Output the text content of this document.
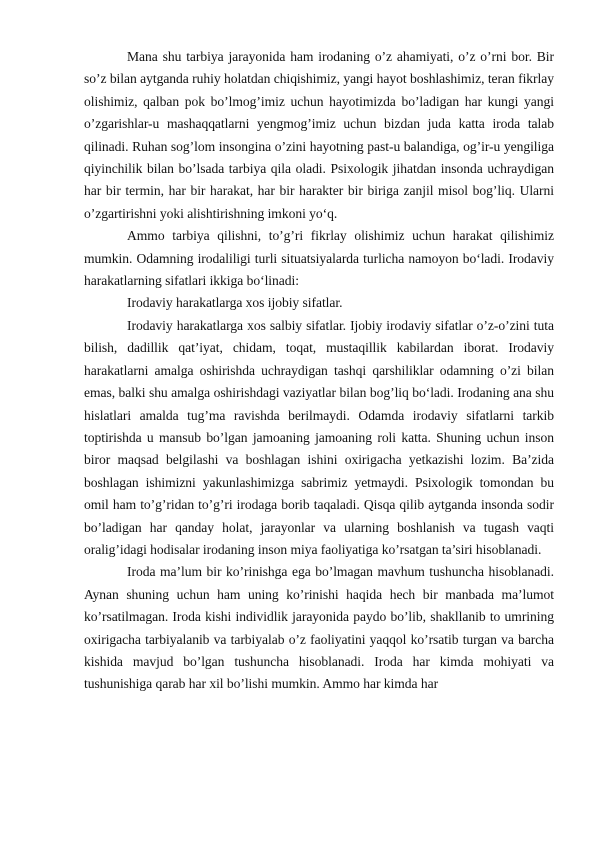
Mana shu tarbiya jarayonida ham irodaning o’z ahamiyati, o’z o’rni bor. Bir so’z bilan aytganda ruhiy holatdan chiqishimiz, yangi hayot boshlashimiz, teran fikrlay olishimiz, qalban pok bo’lmog’imiz uchun hayotimizda bo’ladigan har kungi yangi o’zgarishlar-u mashaqqatlarni yengmog’imiz uchun bizdan juda katta iroda talab qilinadi. Ruhan sog’lom insongina o’zini hayotning past-u balandiga, og’ir-u yengiliga qiyinchilik bilan bo’lsada tarbiya qila oladi. Psixologik jihatdan insonda uchraydigan har bir termin, har bir harakat, har bir harakter bir biriga zanjil misol bog’liq. Ularni o’zgartirishni yoki alishtirishning imkoni yo‘q.

Ammo tarbiya qilishni, to’g’ri fikrlay olishimiz uchun harakat qilishimiz mumkin. Odamning irodaliligi turli situatsiyalarda turlicha namoyon bo‘ladi. Irodaviy harakatlarning sifatlari ikkiga bo‘linadi:

Irodaviy harakatlarga xos ijobiy sifatlar.

Irodaviy harakatlarga xos salbiy sifatlar. Ijobiy irodaviy sifatlar o’z-o’zini tuta bilish, dadillik qat’iyat, chidam, toqat, mustaqillik kabilardan iborat. Irodaviy harakatlarni amalga oshirishda uchraydigan tashqi qarshiliklar odamning o’zi bilan emas, balki shu amalga oshirishdagi vaziyatlar bilan bog’liq bo‘ladi. Irodaning ana shu hislatlari amalda tug’ma ravishda berilmaydi. Odamda irodaviy sifatlarni tarkib toptirishda u mansub bo’lgan jamoaning jamoaning roli katta. Shuning uchun inson biror maqsad belgilashi va boshlagan ishini oxirigacha yetkazishi lozim. Ba’zida boshlagan ishimizni yakunlashimizga sabrimiz yetmaydi. Psixologik tomondan bu omil ham to’g’ridan to’g’ri irodaga borib taqaladi. Qisqa qilib aytganda insonda sodir bo’ladigan har qanday holat, jarayonlar va ularning boshlanish va tugash vaqti oralig’idagi hodisalar irodaning inson miya faoliyatiga ko’rsatgan ta’siri hisoblanadi.

Iroda ma’lum bir ko’rinishga ega bo’lmagan mavhum tushuncha hisoblanadi. Aynan shuning uchun ham uning ko’rinishi haqida hech bir manbada ma’lumot ko’rsatilmagan. Iroda kishi individlik jarayonida paydo bo’lib, shakllanib to umrining oxirigacha tarbiyalanib va tarbiyalab o’z faoliyatini yaqqol ko’rsatib turgan va barcha kishida mavjud bo’lgan tushuncha hisoblanadi. Iroda har kimda mohiyati va tushunishiga qarab har xil bo’lishi mumkin. Ammo har kimda har
